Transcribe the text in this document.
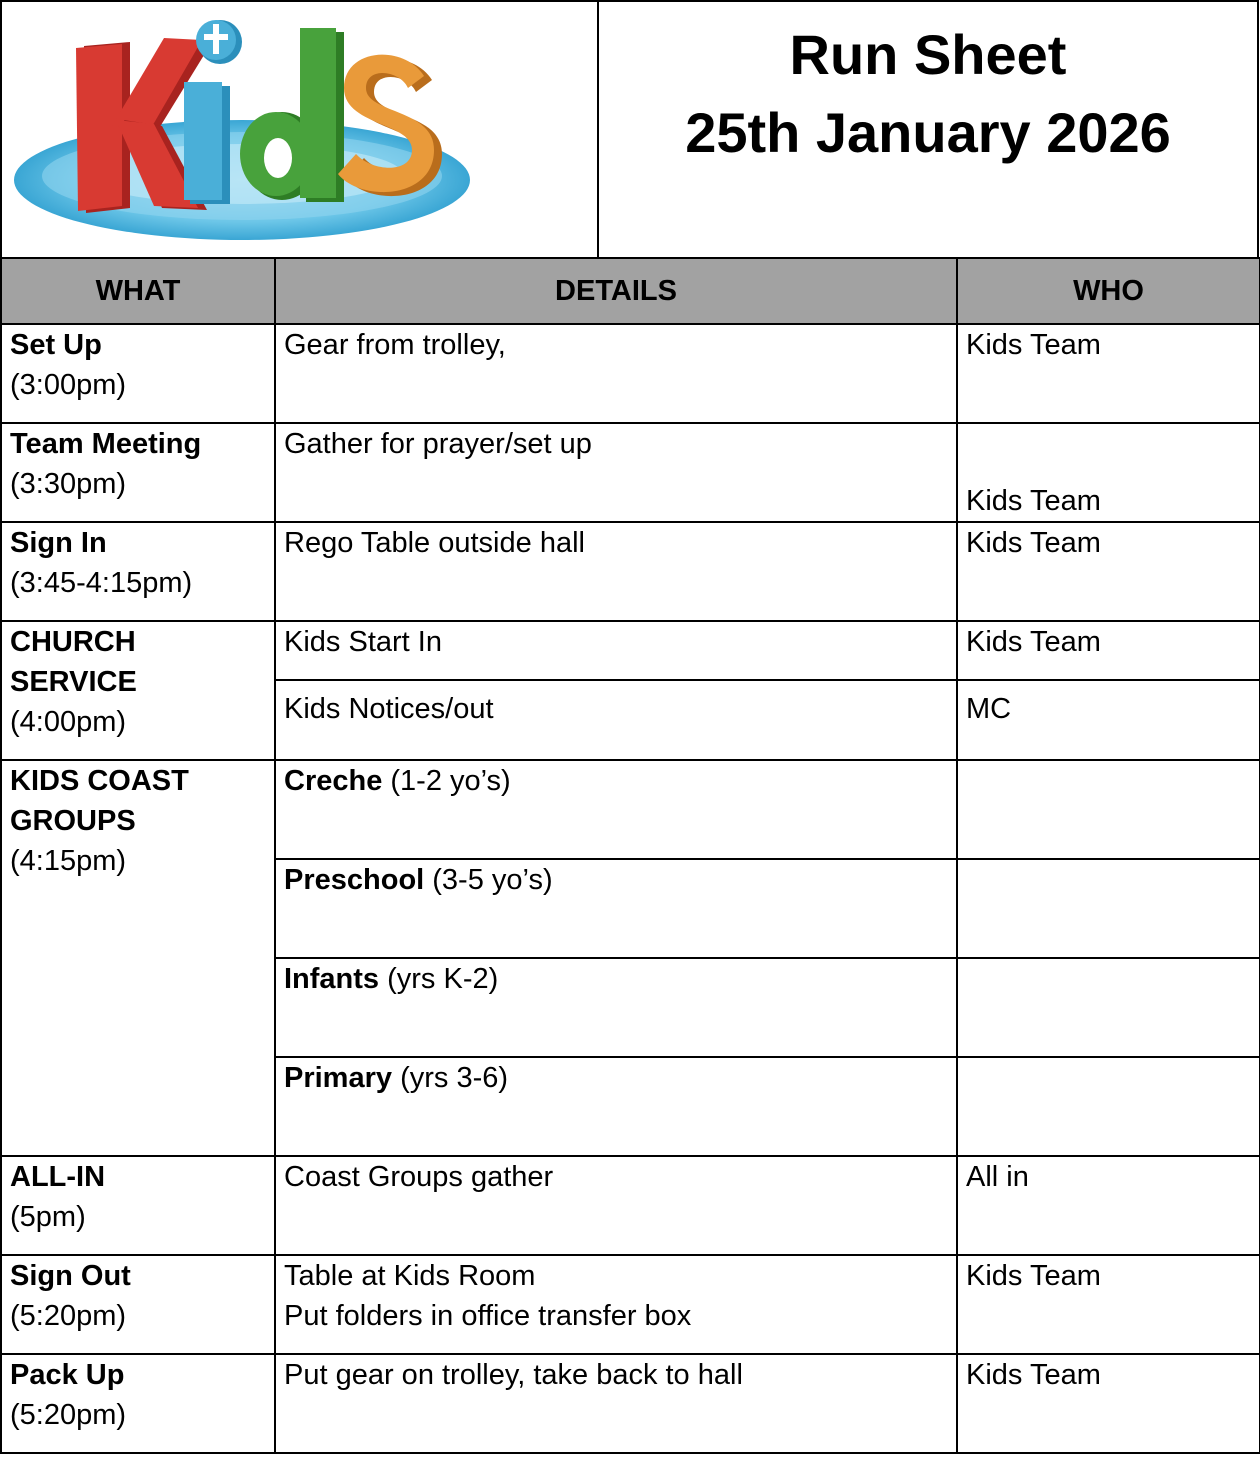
Run Sheet
25th January 2026
WHAT	DETAILS	WHO

Set Up
(3:00pm)	Gear from trolley,	Kids Team

Team Meeting
(3:30pm)	Gather for prayer/set up	Kids Team

Sign In
(3:45-4:15pm)	Rego Table outside hall	Kids Team

CHURCH
SERVICE
(4:00pm)	Kids Start In	Kids Team
	Kids Notices/out	MC

KIDS COAST
GROUPS
(4:15pm)	Creche (1-2 yo’s)	
	Preschool (3-5 yo’s)	
	Infants (yrs K-2)	
	Primary (yrs 3-6)	

ALL-IN
(5pm)	Coast Groups gather	All in

Sign Out
(5:20pm)	Table at Kids Room
Put folders in office transfer box	Kids Team

Pack Up
(5:20pm)	Put gear on trolley, take back to hall	Kids Team
